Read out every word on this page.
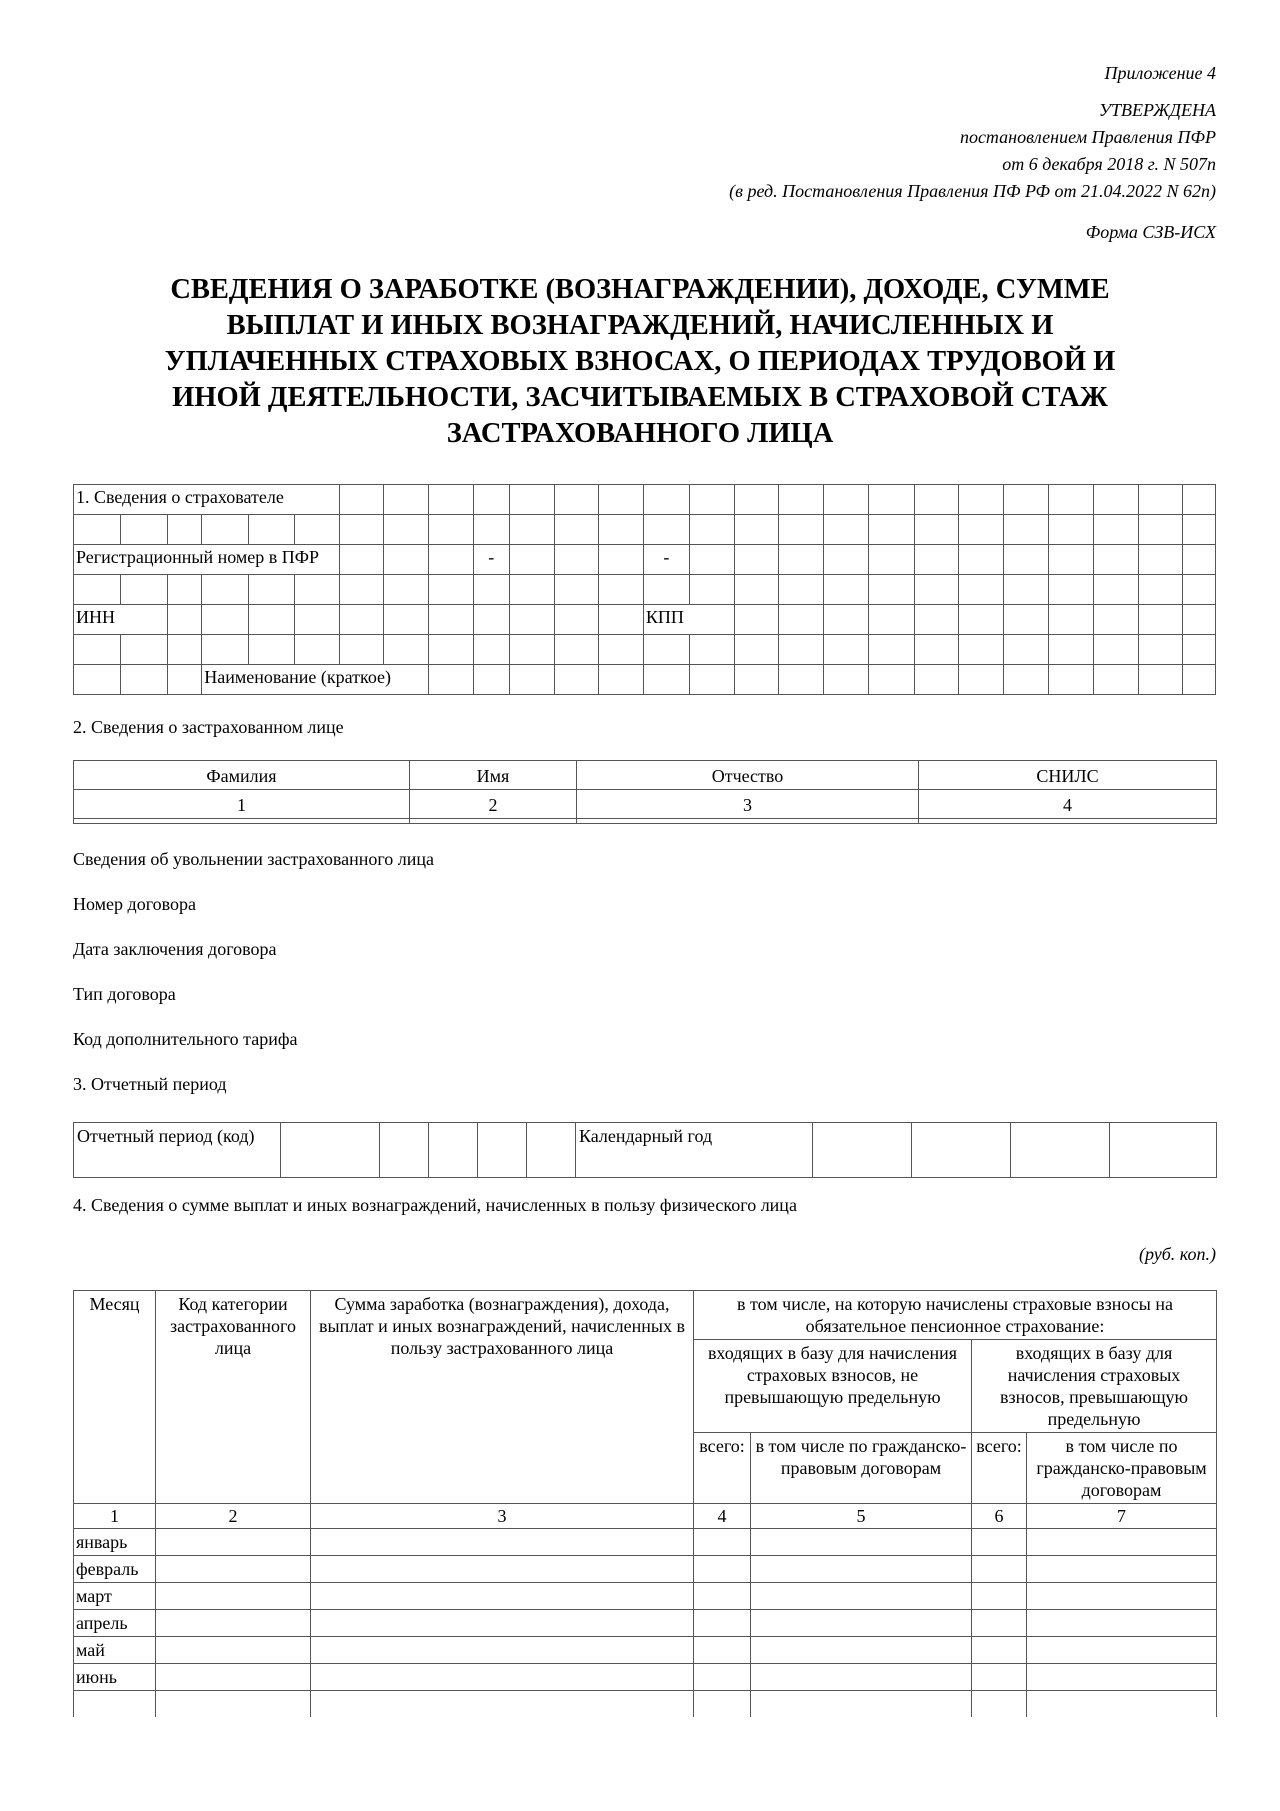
Приложение 4
УТВЕРЖДЕНА
постановлением Правления ПФР
от 6 декабря 2018 г. N 507п
(в ред. Постановления Правления ПФ РФ от 21.04.2022 N 62п)
Форма СЗВ-ИСХ
СВЕДЕНИЯ О ЗАРАБОТКЕ (ВОЗНАГРАЖДЕНИИ), ДОХОДЕ, СУММЕ
ВЫПЛАТ И ИНЫХ ВОЗНАГРАЖДЕНИЙ, НАЧИСЛЕННЫХ И
УПЛАЧЕННЫХ СТРАХОВЫХ ВЗНОСАХ, О ПЕРИОДАХ ТРУДОВОЙ И
ИНОЙ ДЕЯТЕЛЬНОСТИ, ЗАСЧИТЫВАЕМЫХ В СТРАХОВОЙ СТАЖ
ЗАСТРАХОВАННОГО ЛИЦА
1. Сведения о страхователе																									

Регистрационный номер в ПФР									-				-												

ИНН													КПП												

			Наименование (краткое)																						
2. Сведения о застрахованном лице
Фамилия	Имя	Отчество	СНИЛС
1	2	3	4

Сведения об увольнении застрахованного лица
Номер договора
Дата заключения договора
Тип договора
Код дополнительного тарифа
3. Отчетный период
Отчетный период (код)						Календарный год				
4. Сведения о сумме выплат и иных вознаграждений, начисленных в пользу физического лица
(руб. коп.)
Месяц	Код категории застрахованного лица	Сумма заработка (вознаграждения), дохода, выплат и иных вознаграждений, начисленных в пользу застрахованного лица	в том числе, на которую начислены страховые взносы на обязательное пенсионное страхование:			
			входящих в базу для начисления страховых взносов, не превышающую предельную		входящих в базу для начисления страховых взносов, превышающую предельную	
			всего:	в том числе по гражданско-правовым договорам	всего:	в том числе по гражданско-правовым договорам
1	2	3	4	5	6	7
январь						
февраль						
март						
апрель						
май						
июнь						
